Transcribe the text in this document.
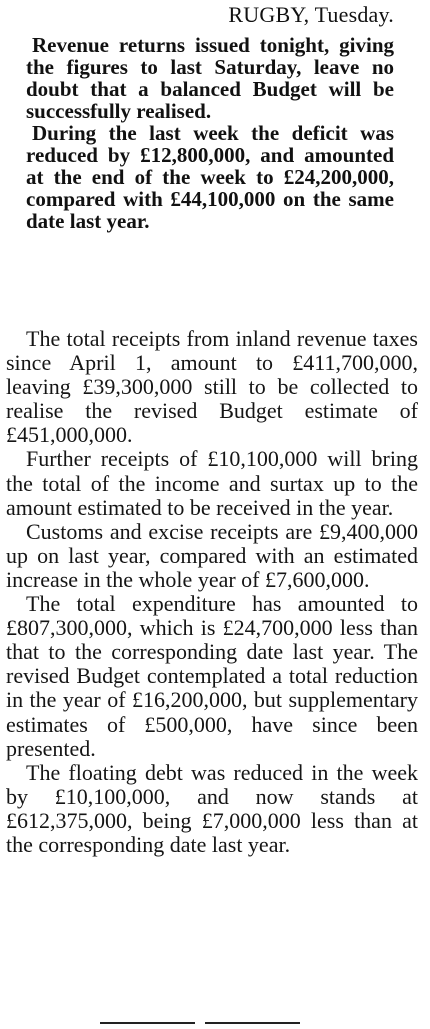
RUGBY, Tuesday.

Revenue returns issued tonight, giving the figures to last Saturday, leave no doubt that a balanced Budget will be successfully realised.

During the last week the deficit was reduced by £12,800,000, and amounted at the end of the week to £24,200,000, compared with £44,100,000 on the same date last year.

The total receipts from inland revenue taxes since April 1, amount to £411,700,000, leaving £39,300,000 still to be collected to realise the revised Budget estimate of £451,000,000.

Further receipts of £10,100,000 will bring the total of the income and surtax up to the amount estimated to be received in the year.

Customs and excise receipts are £9,400,000 up on last year, compared with an estimated increase in the whole year of £7,600,000.

The total expenditure has amounted to £807,300,000, which is £24,700,000 less than that to the corresponding date last year. The revised Budget contemplated a total reduction in the year of £16,200,000, but supplementary estimates of £500,000, have since been presented.

The floating debt was reduced in the week by £10,100,000, and now stands at £612,375,000, being £7,000,000 less than at the corresponding date last year.
